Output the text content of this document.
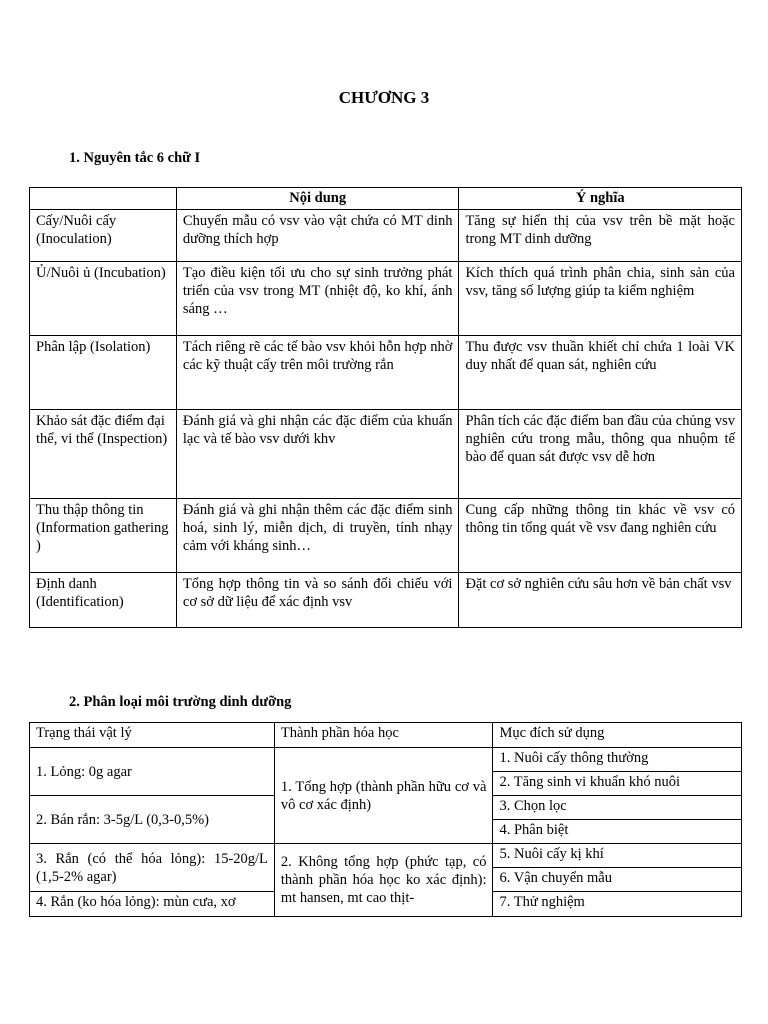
CHƯƠNG 3
1. Nguyên tắc 6 chữ I
	Nội dung	Ý nghĩa
Cấy/Nuôi cấy (Inoculation)	Chuyển mẫu có vsv vào vật chứa có MT dinh dưỡng thích hợp	Tăng sự hiển thị của vsv trên bề mặt hoặc trong MT dinh dưỡng
Ủ/Nuôi ủ (Incubation)	Tạo điều kiện tối ưu cho sự sinh trưởng phát triển của vsv trong MT (nhiệt độ, ko khí, ánh sáng …	Kích thích quá trình phân chia, sinh sản của vsv, tăng số lượng giúp ta kiểm nghiệm
Phân lập (Isolation)	Tách riêng rẽ các tế bào vsv khỏi hỗn hợp nhờ các kỹ thuật cấy trên môi trường rắn	Thu được vsv thuần khiết chỉ chứa 1 loài VK duy nhất để quan sát, nghiên cứu
Khảo sát đặc điểm đại thể, vi thể (Inspection)	Đánh giá và ghi nhận các đặc điểm của khuẩn lạc và tế bào vsv dưới khv	Phân tích các đặc điểm ban đầu của chủng vsv nghiên cứu trong mẫu, thông qua nhuộm tế bào để quan sát được vsv dễ hơn
Thu thập thông tin (Information gathering )	Đánh giá và ghi nhận thêm các đặc điểm sinh hoá, sinh lý, miễn dịch, di truyền, tính nhạy cảm với kháng sinh…	Cung cấp những thông tin khác về vsv có thông tin tổng quát về vsv đang nghiên cứu
Định danh (Identification)	Tổng hợp thông tin và so sánh đối chiếu với cơ sở dữ liệu để xác định vsv	Đặt cơ sở nghiên cứu sâu hơn về bản chất vsv
2. Phân loại môi trường dinh dưỡng
Trạng thái vật lý	Thành phần hóa học	Mục đích sử dụng
1. Lỏng: 0g agar	1. Tổng hợp (thành phần hữu cơ và vô cơ xác định)	1. Nuôi cấy thông thường
		2. Tăng sinh vi khuẩn khó nuôi
2. Bán rắn: 3-5g/L (0,3-0,5%)		3. Chọn lọc
		4. Phân biệt
3. Rắn (có thể hóa lỏng): 15-20g/L (1,5-2% agar)	2. Không tổng hợp (phức tạp, có thành phần hóa học ko xác định): mt hansen, mt cao thịt-	5. Nuôi cấy kị khí
		6. Vận chuyển mẫu
4. Rắn (ko hóa lỏng): mùn cưa, xơ		7. Thử nghiệm
